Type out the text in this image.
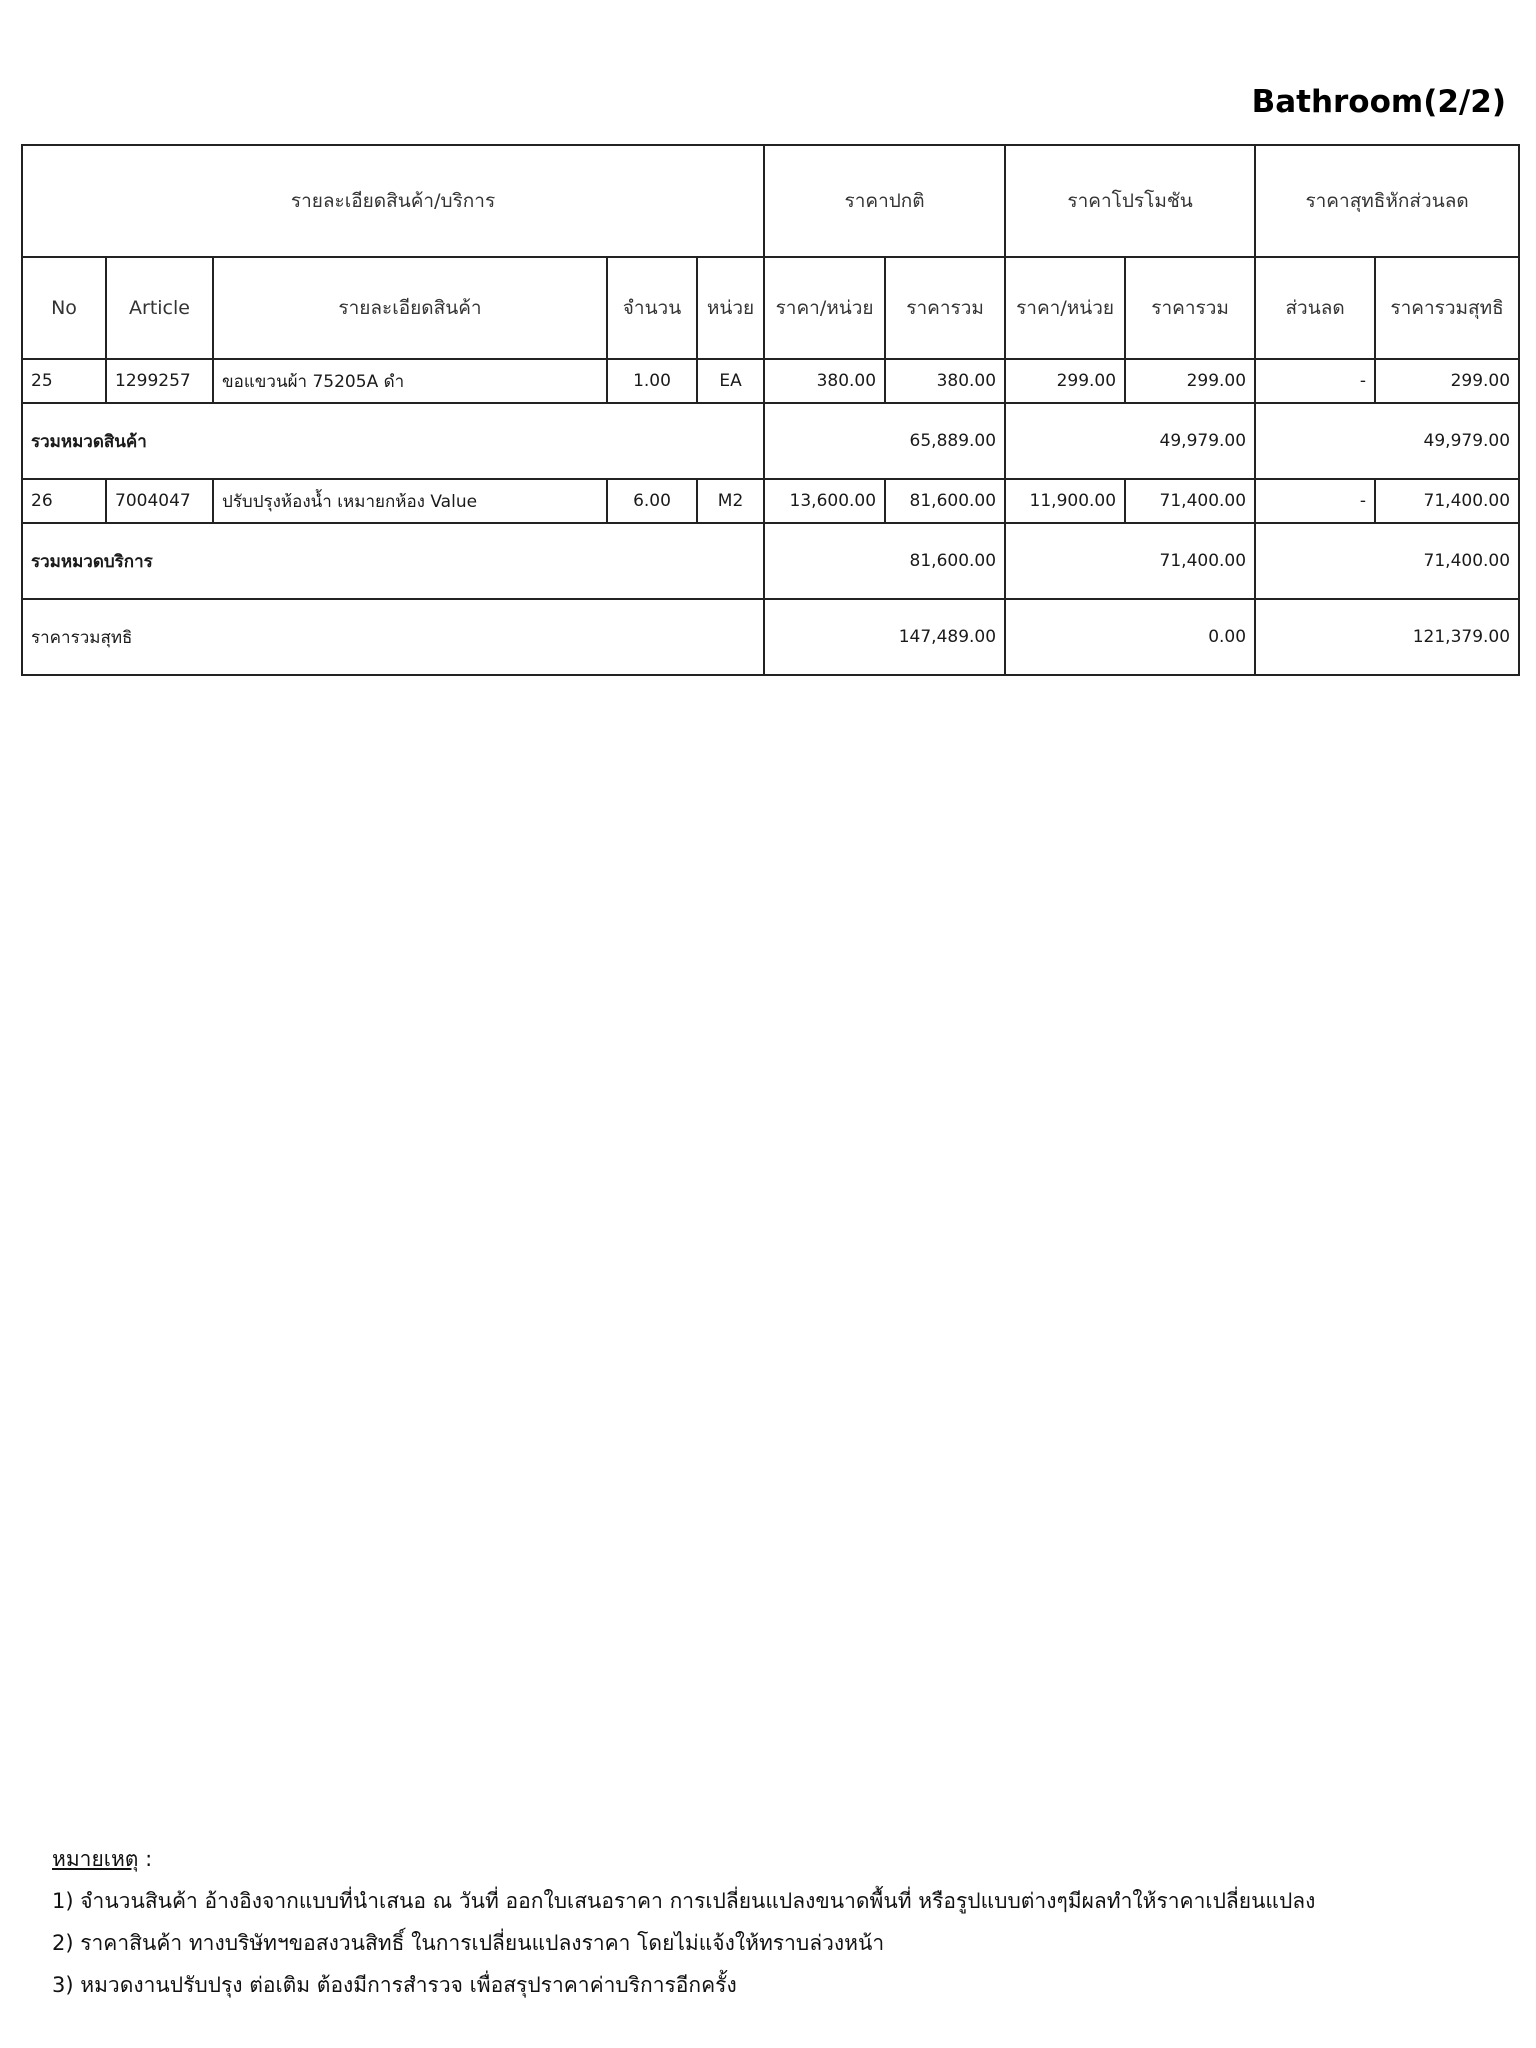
Bathroom(2/2)
รายละเอียดสินค้า/บริการ					ราคาปกติ		ราคาโปรโมชัน		ราคาสุทธิหักส่วนลด	
No	Article	รายละเอียดสินค้า	จำนวน	หน่วย	ราคา/หน่วย	ราคารวม	ราคา/หน่วย	ราคารวม	ส่วนลด	ราคารวมสุทธิ
25	1299257	ขอแขวนผ้า 75205A ดำ	1.00	EA	380.00	380.00	299.00	299.00	-	299.00
รวมหมวดสินค้า					65,889.00		49,979.00		49,979.00	
26	7004047	ปรับปรุงห้องน้ำ เหมายกห้อง Value	6.00	M2	13,600.00	81,600.00	11,900.00	71,400.00	-	71,400.00
รวมหมวดบริการ					81,600.00		71,400.00		71,400.00	
ราคารวมสุทธิ					147,489.00		0.00		121,379.00	
หมายเหตุ :
1) จำนวนสินค้า อ้างอิงจากแบบที่นำเสนอ ณ วันที่ ออกใบเสนอราคา การเปลี่ยนแปลงขนาดพื้นที่ หรือรูปแบบต่างๆมีผลทำให้ราคาเปลี่ยนแปลง
2) ราคาสินค้า ทางบริษัทฯขอสงวนสิทธิ์ ในการเปลี่ยนแปลงราคา โดยไม่แจ้งให้ทราบล่วงหน้า
3) หมวดงานปรับปรุง ต่อเติม ต้องมีการสำรวจ เพื่อสรุปราคาค่าบริการอีกครั้ง
